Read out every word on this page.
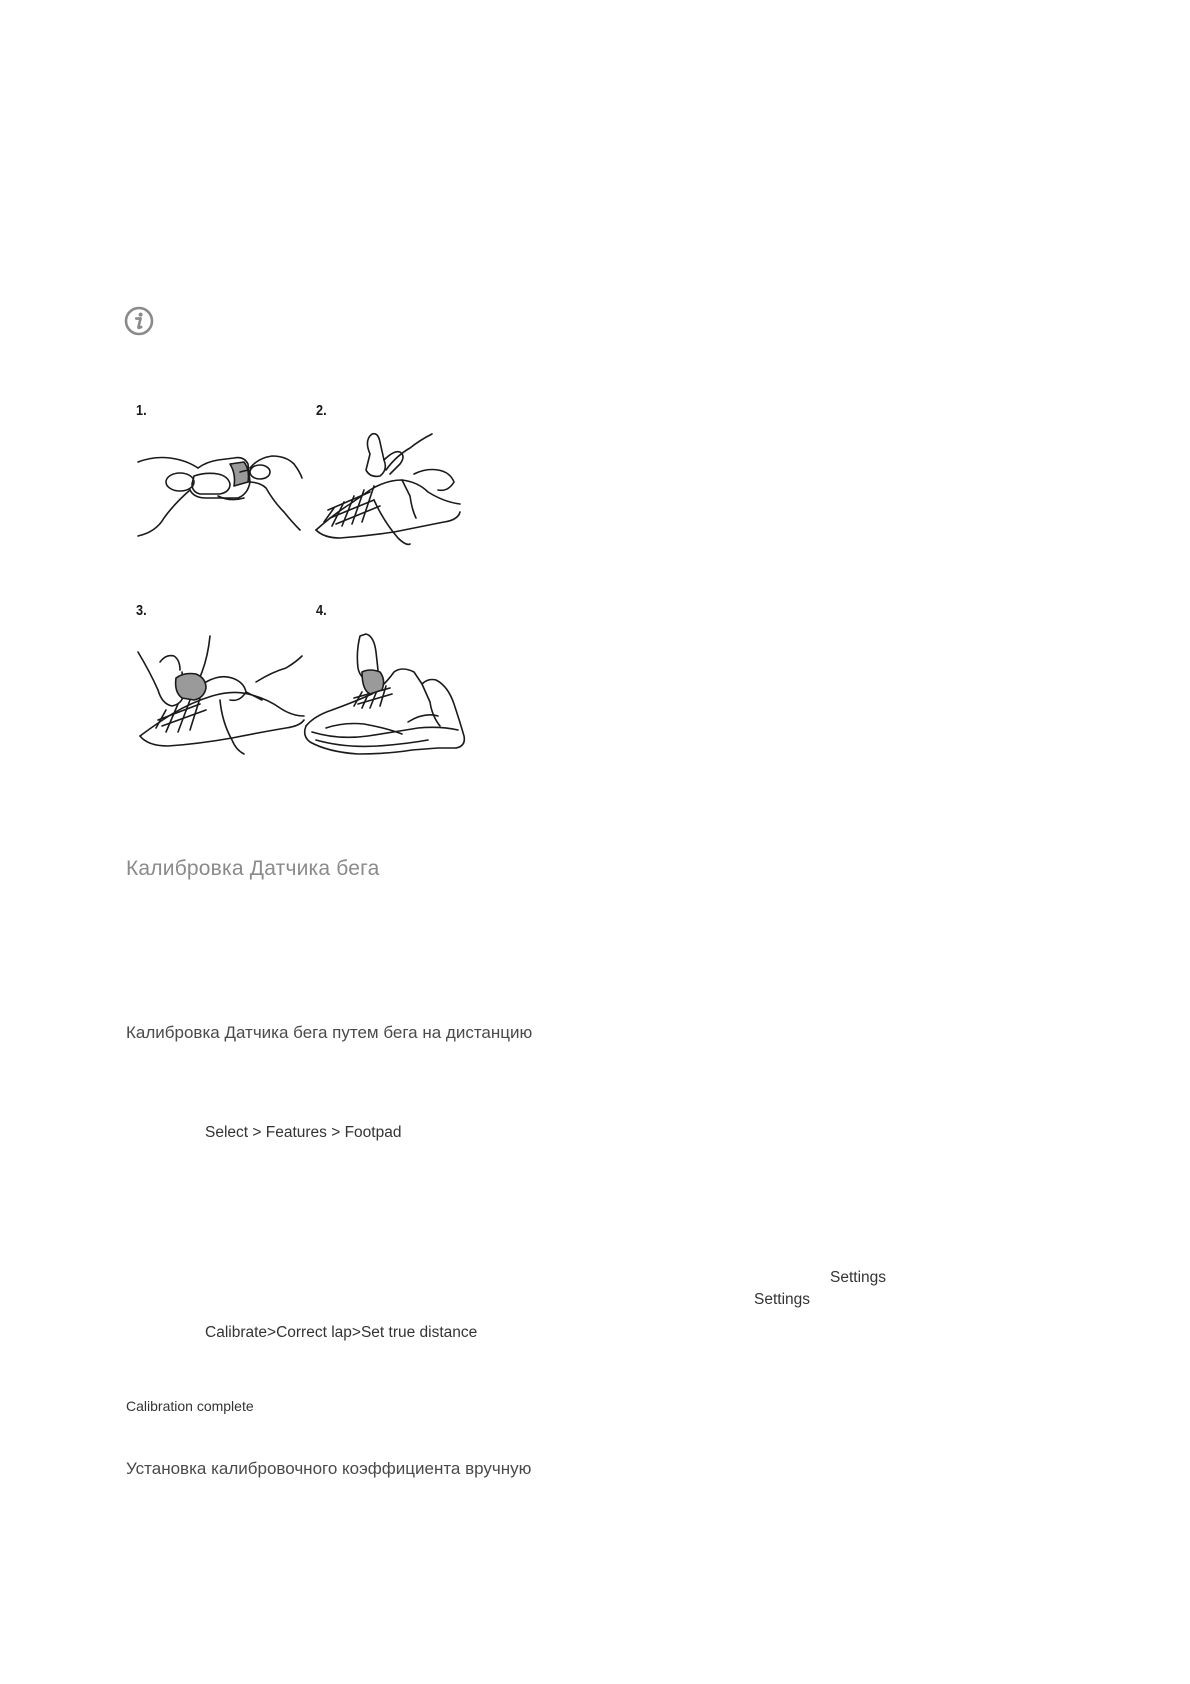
1.	2.
3.	4.
Калибровка Датчика бега
Калибровка Датчика бега путем бега на дистанцию
Select > Features > Footpad
Settings
Settings
Calibrate>Correct lap>Set true distance
Calibration complete
Установка калибровочного коэффициента вручную
